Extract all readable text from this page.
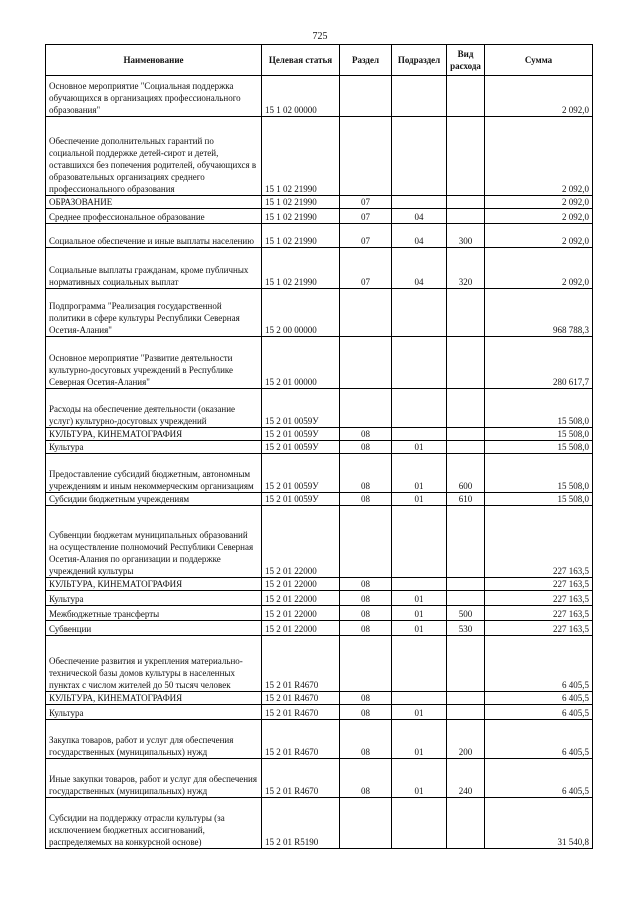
725
Наименование	Целевая статья	Раздел	Подраздел	Вид расхода	Сумма
Основное мероприятие "Социальная поддержка обучающихся в организациях профессионального образования"	15 1 02 00000				2 092,0
Обеспечение дополнительных гарантий по социальной поддержке детей-сирот и детей, оставшихся без попечения родителей, обучающихся в образовательных организациях среднего профессионального образования	15 1 02 21990				2 092,0
ОБРАЗОВАНИЕ	15 1 02 21990	07			2 092,0
Среднее профессиональное образование	15 1 02 21990	07	04		2 092,0
Социальное обеспечение и иные выплаты населению	15 1 02 21990	07	04	300	2 092,0
Социальные выплаты гражданам, кроме публичных нормативных социальных выплат	15 1 02 21990	07	04	320	2 092,0
Подпрограмма "Реализация государственной политики в сфере культуры Республики Северная Осетия-Алания"	15 2 00 00000				968 788,3
Основное мероприятие "Развитие деятельности культурно-досуговых учреждений в Республике Северная Осетия-Алания"	15 2 01 00000				280 617,7
Расходы на обеспечение деятельности (оказание услуг) культурно-досуговых учреждений	15 2 01 0059У				15 508,0
КУЛЬТУРА, КИНЕМАТОГРАФИЯ	15 2 01 0059У	08			15 508,0
Культура	15 2 01 0059У	08	01		15 508,0
Предоставление субсидий бюджетным, автономным учреждениям и иным некоммерческим организациям	15 2 01 0059У	08	01	600	15 508,0
Субсидии бюджетным учреждениям	15 2 01 0059У	08	01	610	15 508,0
Субвенции бюджетам муниципальных образований на осуществление полномочий Республики Северная Осетия-Алания по организации и поддержке учреждений культуры	15 2 01 22000				227 163,5
КУЛЬТУРА, КИНЕМАТОГРАФИЯ	15 2 01 22000	08			227 163,5
Культура	15 2 01 22000	08	01		227 163,5
Межбюджетные трансферты	15 2 01 22000	08	01	500	227 163,5
Субвенции	15 2 01 22000	08	01	530	227 163,5
Обеспечение развития и укрепления материально-технической базы домов культуры в населенных пунктах с числом жителей до 50 тысяч человек	15 2 01 R4670				6 405,5
КУЛЬТУРА, КИНЕМАТОГРАФИЯ	15 2 01 R4670	08			6 405,5
Культура	15 2 01 R4670	08	01		6 405,5
Закупка товаров, работ и услуг для обеспечения государственных (муниципальных) нужд	15 2 01 R4670	08	01	200	6 405,5
Иные закупки товаров, работ и услуг для обеспечения государственных (муниципальных) нужд	15 2 01 R4670	08	01	240	6 405,5
Субсидии на поддержку отрасли культуры (за исключением бюджетных ассигнований, распределяемых на конкурсной основе)	15 2 01 R5190				31 540,8
